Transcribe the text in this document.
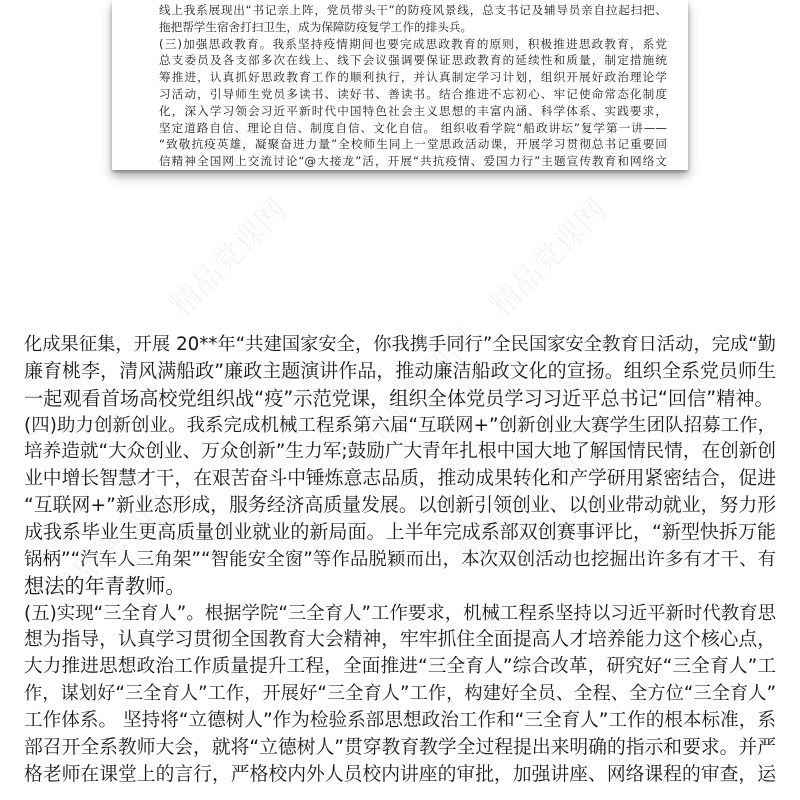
线上我系展现出“书记亲上阵，党员带头干”的防疫风景线，总支书记及辅导员亲自拉起扫把、
拖把帮学生宿舍打扫卫生，成为保障防疫复学工作的排头兵。
(三)加强思政教育。我系坚持疫情期间也要完成思政教育的原则，积极推进思政教育，系党
总支委员及各支部多次在线上、线下会议强调要保证思政教育的延续性和质量，制定措施统
筹推进，认真抓好思政教育工作的顺利执行，并认真制定学习计划，组织开展好政治理论学
习活动，引导师生党员多读书、读好书、善读书。结合推进不忘初心、牢记使命常态化制度
化，深入学习领会习近平新时代中国特色社会主义思想的丰富内涵、科学体系、实践要求，
坚定道路自信、理论自信、制度自信、文化自信。 组织收看学院“船政讲坛”复学第一讲——
“致敬抗疫英雄，凝聚奋进力量”全校师生同上一堂思政活动课，开展学习贯彻总书记重要回
信精神全国网上交流讨论“@大接龙”活，开展“共抗疫情、爱国力行”主题宣传教育和网络文
化成果征集，开展 20**年“共建国家安全，你我携手同行”全民国家安全教育日活动，完成“勤
廉育桃李，清风满船政”廉政主题演讲作品，推动廉洁船政文化的宣扬。组织全系党员师生
一起观看首场高校党组织战“疫”示范党课，组织全体党员学习习近平总书记“回信”精神。
(四)助力创新创业。我系完成机械工程系第六届“互联网+”创新创业大赛学生团队招募工作，
培养造就“大众创业、万众创新”生力军;鼓励广大青年扎根中国大地了解国情民情，在创新创
业中增长智慧才干，在艰苦奋斗中锤炼意志品质，推动成果转化和产学研用紧密结合，促进
“互联网+”新业态形成，服务经济高质量发展。以创新引领创业、以创业带动就业，努力形
成我系毕业生更高质量创业就业的新局面。上半年完成系部双创赛事评比，“新型快拆万能
锅柄”“汽车人三角架”“智能安全窗”等作品脱颖而出，本次双创活动也挖掘出许多有才干、有
想法的年青教师。
(五)实现“三全育人”。根据学院“三全育人”工作要求，机械工程系坚持以习近平新时代教育思
想为指导，认真学习贯彻全国教育大会精神，牢牢抓住全面提高人才培养能力这个核心点，
大力推进思想政治工作质量提升工程，全面推进“三全育人”综合改革，研究好“三全育人”工
作，谋划好“三全育人”工作，开展好“三全育人”工作，构建好全员、全程、全方位“三全育人”
工作体系。 坚持将“立德树人”作为检验系部思想政治工作和“三全育人”工作的根本标准，系
部召开全系教师大会，就将“立德树人”贯穿教育教学全过程提出来明确的指示和要求。并严
格老师在课堂上的言行，严格校内外人员校内讲座的审批，加强讲座、网络课程的审查，运
